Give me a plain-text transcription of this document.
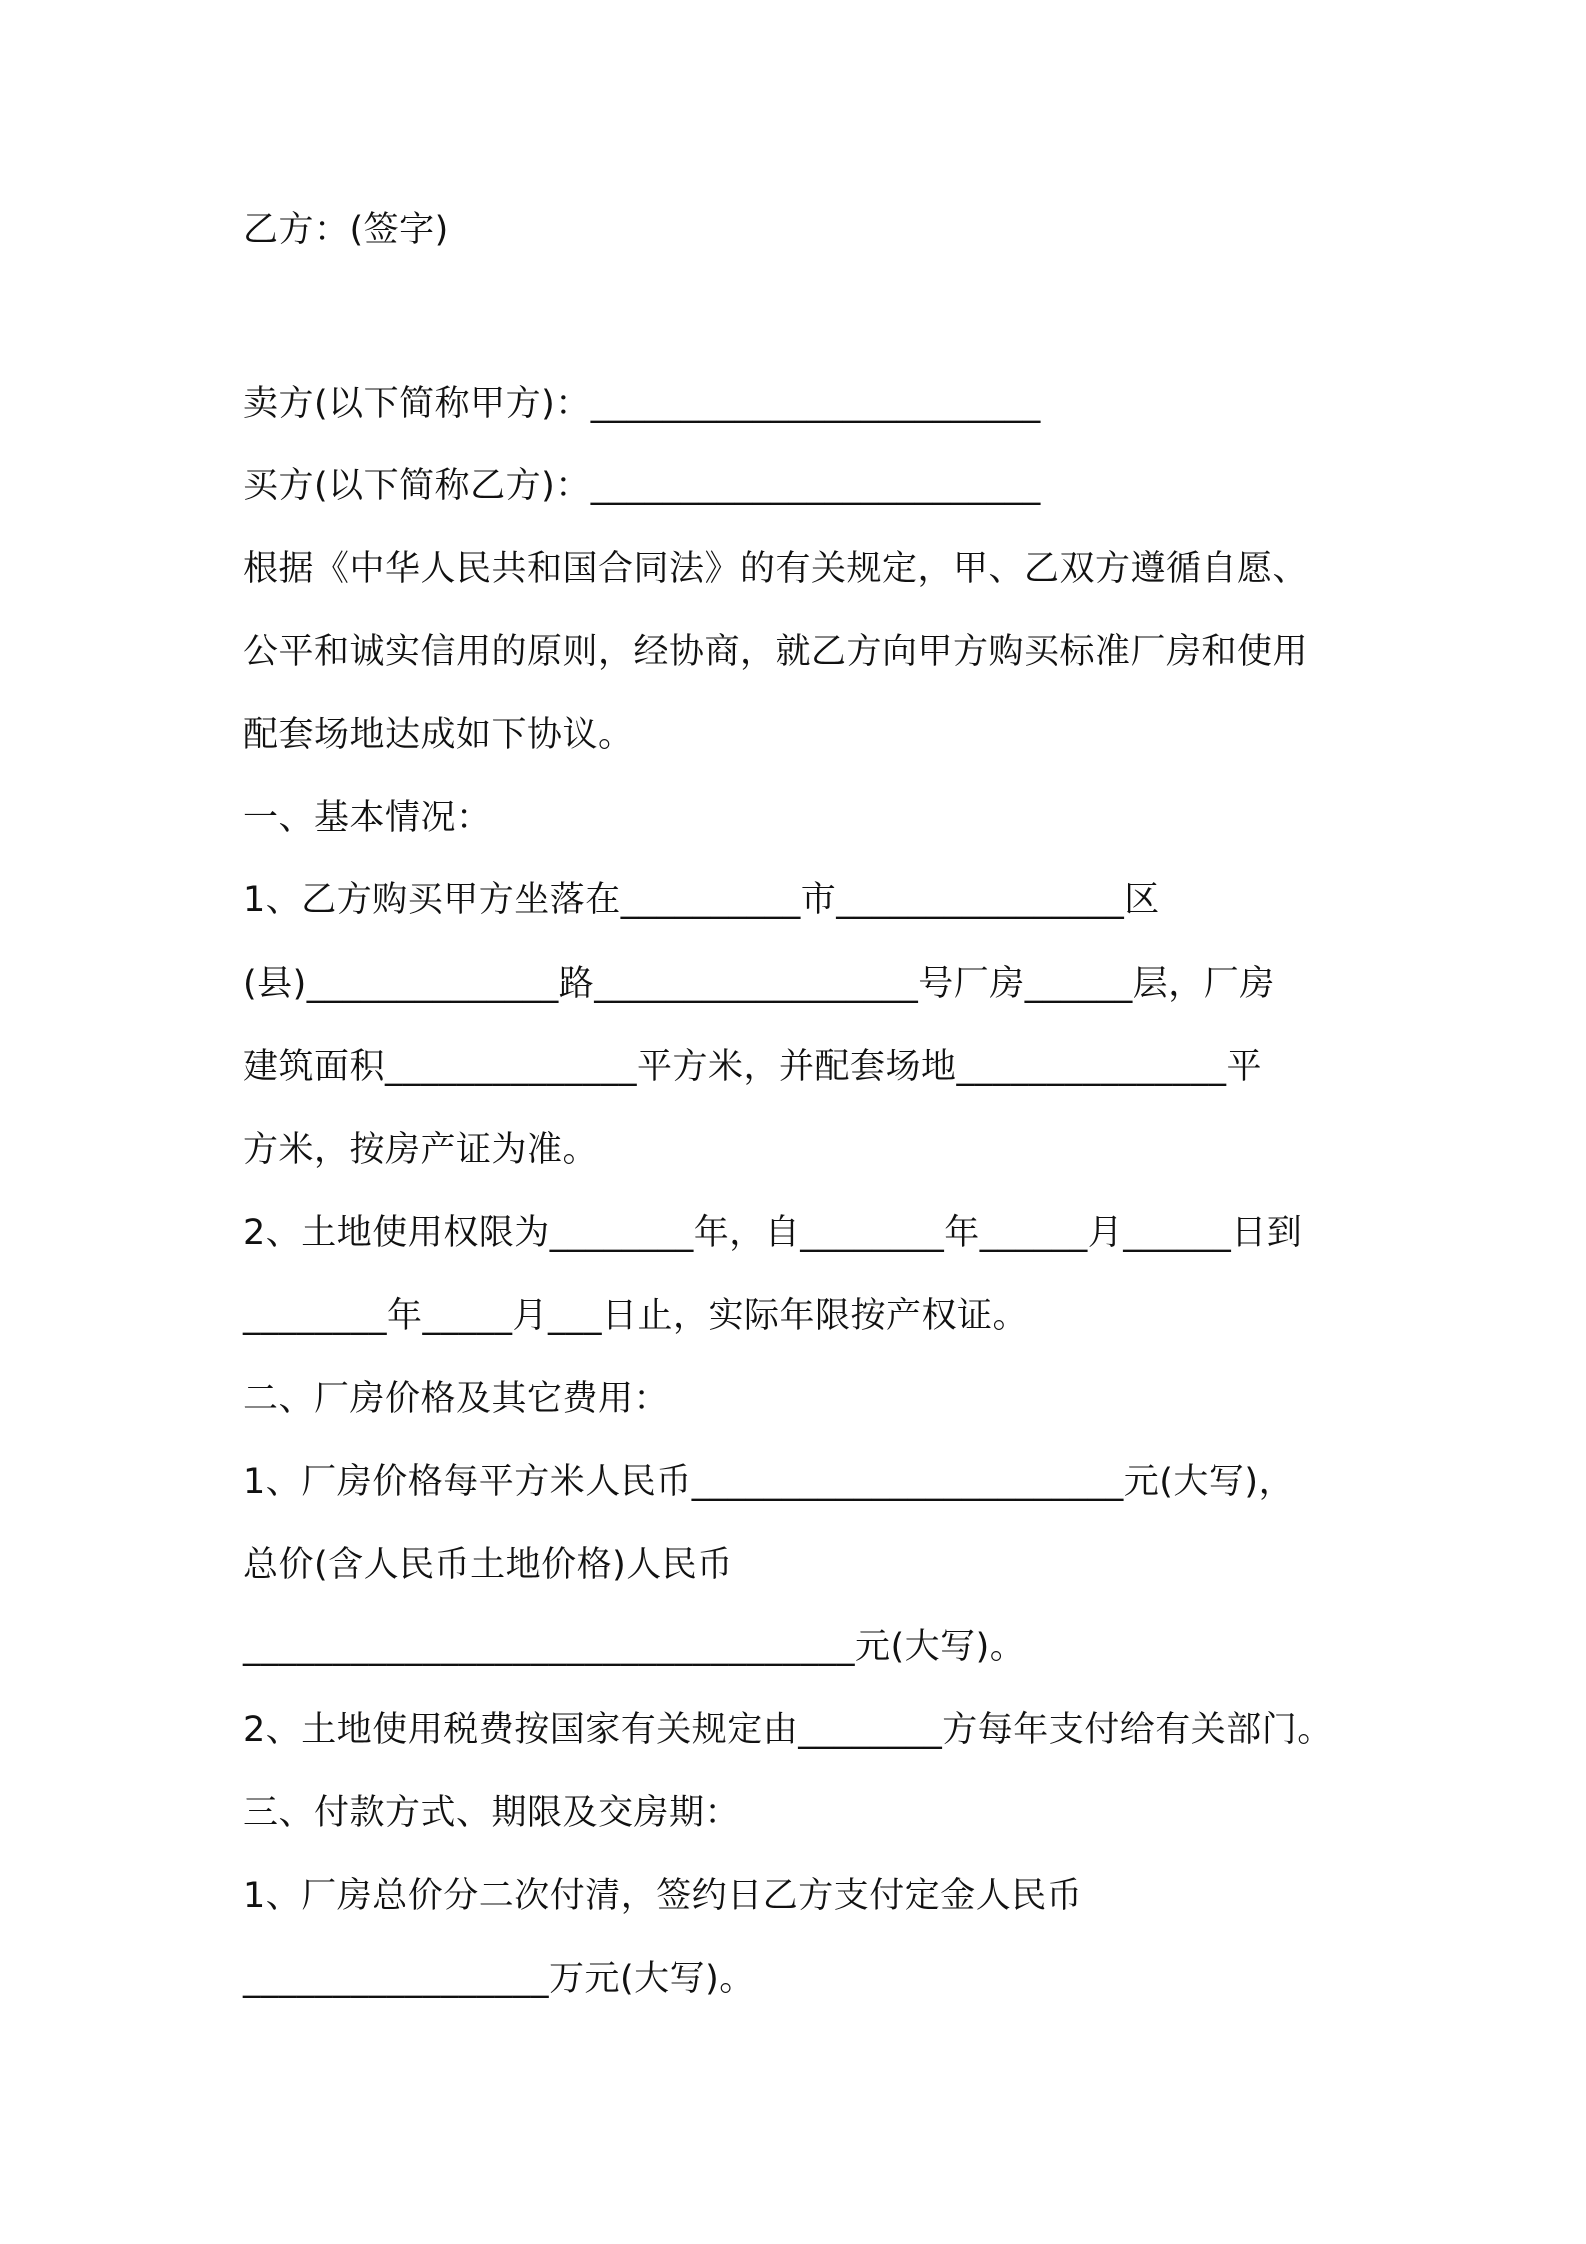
乙方：(签字)
卖方(以下简称甲方)：_________________________
买方(以下简称乙方)：_________________________
根据《中华人民共和国合同法》的有关规定，甲、乙双方遵循自愿、
公平和诚实信用的原则，经协商，就乙方向甲方购买标准厂房和使用
配套场地达成如下协议。
一、基本情况：
1、乙方购买甲方坐落在__________市________________区
(县)______________路__________________号厂房______层，厂房
建筑面积______________平方米，并配套场地_______________平
方米，按房产证为准。
2、土地使用权限为________年，自________年______月______日到
________年_____月___日止，实际年限按产权证。
二、厂房价格及其它费用：
1、厂房价格每平方米人民币________________________元(大写)，
总价(含人民币土地价格)人民币
__________________________________元(大写)。
2、土地使用税费按国家有关规定由________方每年支付给有关部门。
三、付款方式、期限及交房期：
1、厂房总价分二次付清，签约日乙方支付定金人民币
_________________万元(大写)。
